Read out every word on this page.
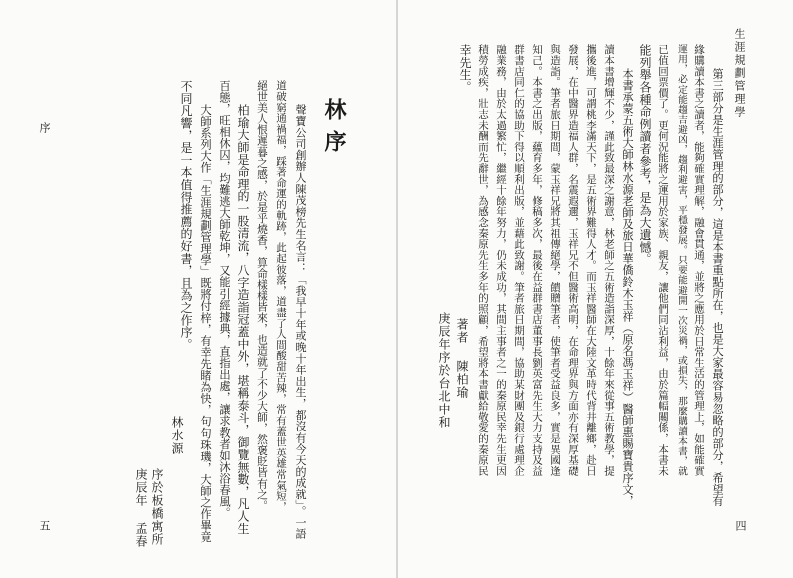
生涯規劃管理學
第三部分是生涯管理的部分，這是本書重點所在，也是大家最容易忽略的部分，希望有
緣購讀本書之讀者，能夠確實理解，融會貫通，並將之應用於日常生活的管理上，如能確實
運用，必定能趨吉避凶，趨利避害，平穩發展。只要能避開一次災禍，或損失，那麼購讀本書，就
已值回票價了。更何況能將之運用於家族、親友，讓他們同沾利益，由於篇幅關係，本書未
能列舉各種命例讀者參考，是為大遺憾。
本書承蒙五術大師林水源老師及旅日華僑鈴木玉祥（原名馮玉祥）醫師惠賜寶貴序文，
讀本書增輝不少，謹此致最深之謝意，林老師之五術造詣深厚，十餘年來從事五術教學，提
攜後進，可謂桃李滿天下，是五術界難得人才。而玉祥醫師在大陸文革時代背井離鄉，赴日
發展，在中醫界造福人群，名震遐邇，玉祥兄不但醫術高明，在命理界與方面亦有深厚基礎
與造詣。筆者旅日期間，蒙玉祥兄將其祖傳絕學，饋贈筆者，使筆者受益良多，實是異國逢
知己。本書之出版，蘊育多年，修稿多次，最後在益群書店董事長劉英富先生大力支持及益
群書店同仁的協助下得以順利出版，並藉此致謝。筆者旅日期間，協助某財團及銀行處理企
融業務，由於太過繁忙，繼經十餘年努力，仍未成功，其間主事者之一的秦原民幸先生更因
積勞成疾，壯志未酬而先辭世，為感念秦原先生多年的照顧，希望將本書獻給敬愛的秦原民
幸先生。
著者
陳柏瑜
庚辰年序於台北中和
四
林序
聲寶公司創辦人陳茂榜先生名言：「我早十年或晚十年出生，都沒有今天的成就」。一語
道破窮通禍福，踩著命運的軌跡，此起彼落，道盡了人間酸甜苦辣，常有蓋世英雄常氣短，
絕世美人恨遲暮之感，於是乎燒香，算命樣樣皆來，也造就了不少大師，然褒貶皆有之。
柏瑜大師是命理的一股清流，八字造詣冠蓋中外，堪稱泰斗，御覽無數，凡人生
百態，旺相休囚，均難逃大師乾坤，又能引經據典，直指出處，讓求教者如沐浴春風。
大師系列大作「生涯規劃管理學」既將付梓，有幸先睹為快，句句珠璣，大師之作畢竟
不同凡響，是一本值得推薦的好書，且為之作序。
林水源
序於板橋寓所
庚辰年 孟春
序
五
